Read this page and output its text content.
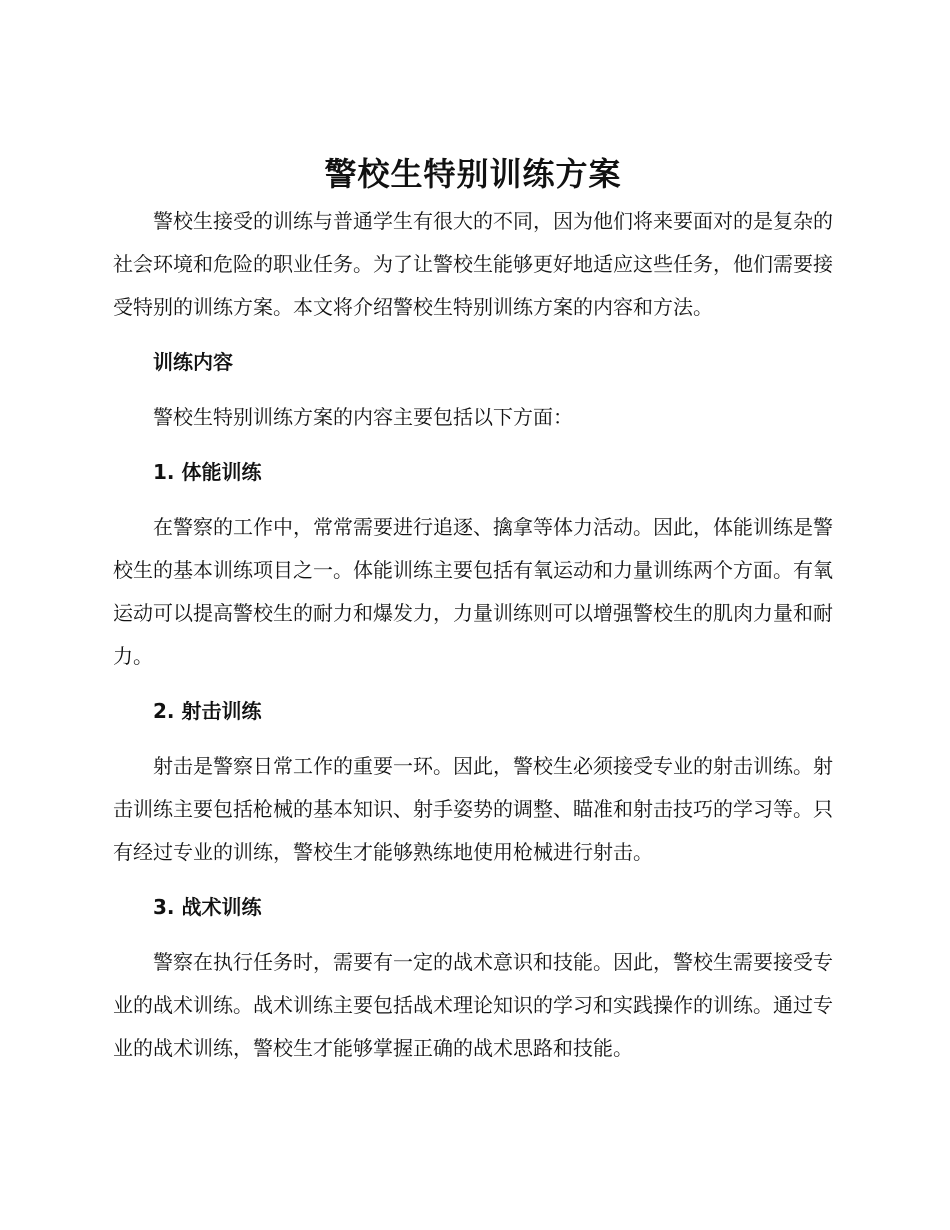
警校生特别训练方案

警校生接受的训练与普通学生有很大的不同，因为他们将来要面对的是复杂的社会环境和危险的职业任务。为了让警校生能够更好地适应这些任务，他们需要接受特别的训练方案。本文将介绍警校生特别训练方案的内容和方法。

训练内容

警校生特别训练方案的内容主要包括以下方面：

1. 体能训练

在警察的工作中，常常需要进行追逐、擒拿等体力活动。因此，体能训练是警校生的基本训练项目之一。体能训练主要包括有氧运动和力量训练两个方面。有氧运动可以提高警校生的耐力和爆发力，力量训练则可以增强警校生的肌肉力量和耐力。

2. 射击训练

射击是警察日常工作的重要一环。因此，警校生必须接受专业的射击训练。射击训练主要包括枪械的基本知识、射手姿势的调整、瞄准和射击技巧的学习等。只有经过专业的训练，警校生才能够熟练地使用枪械进行射击。

3. 战术训练

警察在执行任务时，需要有一定的战术意识和技能。因此，警校生需要接受专业的战术训练。战术训练主要包括战术理论知识的学习和实践操作的训练。通过专业的战术训练，警校生才能够掌握正确的战术思路和技能。
